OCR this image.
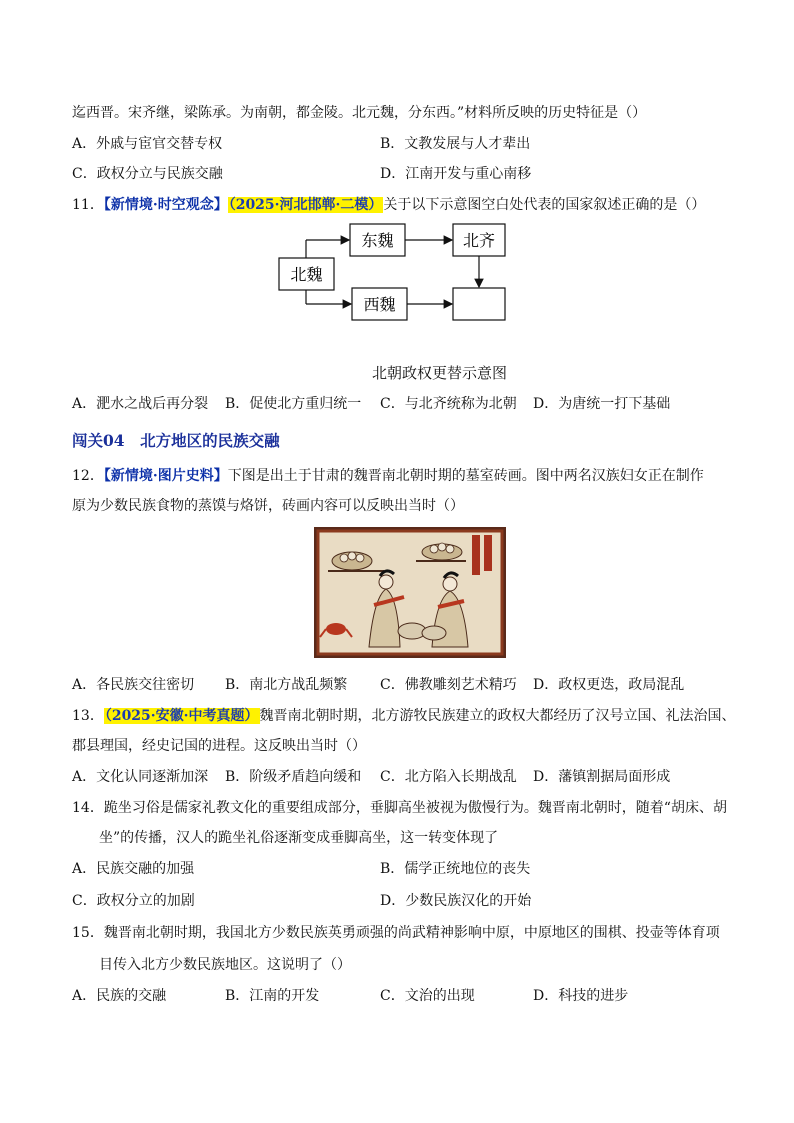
迄西晋。宋齐继，梁陈承。为南朝，都金陵。北元魏，分东西。”材料所反映的历史特征是（）
A．外戚与宦官交替专权	B．文教发展与人才辈出
C．政权分立与民族交融	D．江南开发与重心南移
11．【新情境·时空观念】（2025·河北邯郸·二模）关于以下示意图空白处代表的国家叙述正确的是（）
北魏
东魏
西魏
北齐
北朝政权更替示意图
A．淝水之战后再分裂 B．促使北方重归统一 C．与北齐统称为北朝 D．为唐统一打下基础
闯关04　北方地区的民族交融
12．【新情境·图片史料】下图是出土于甘肃的魏晋南北朝时期的墓室砖画。图中两名汉族妇女正在制作
原为少数民族食物的蒸馍与烙饼，砖画内容可以反映出当时（）
A．各民族交往密切 B．南北方战乱频繁 C．佛教雕刻艺术精巧 D．政权更迭，政局混乱
13．（2025·安徽·中考真题）魏晋南北朝时期，北方游牧民族建立的政权大都经历了汉号立国、礼法治国、
郡县理国，经史记国的进程。这反映出当时（）
A．文化认同逐渐加深 B．阶级矛盾趋向缓和 C．北方陷入长期战乱 D．藩镇割据局面形成
14．跪坐习俗是儒家礼教文化的重要组成部分，垂脚高坐被视为傲慢行为。魏晋南北朝时，随着“胡床、胡
坐”的传播，汉人的跪坐礼俗逐渐变成垂脚高坐，这一转变体现了
A．民族交融的加强	B．儒学正统地位的丧失
C．政权分立的加剧	D．少数民族汉化的开始
15．魏晋南北朝时期，我国北方少数民族英勇顽强的尚武精神影响中原，中原地区的围棋、投壶等体育项
目传入北方少数民族地区。这说明了（）
A．民族的交融	B．江南的开发	C．文治的出现	D．科技的进步
